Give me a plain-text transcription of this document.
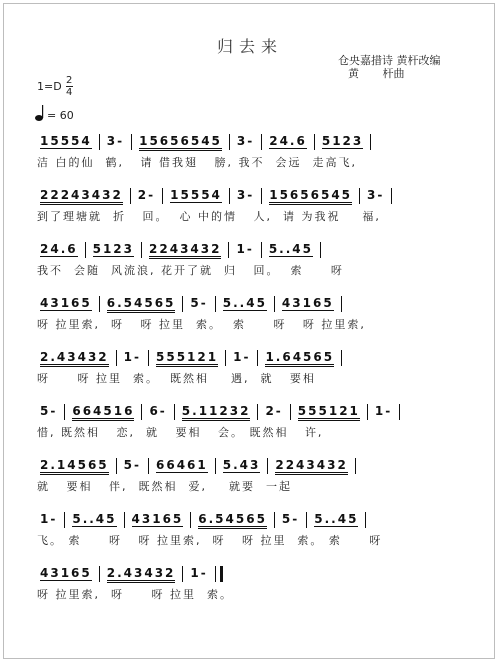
归去来
仓央嘉措诗 黄杆改编
黄 杆曲
1=D 2
4
= 60
15554 3- 15656545 3- 24.6 5123
洁 白的仙  鹤,   请 借我翅   膀, 我不  会远  走高飞,
22243432 2- 15554 3- 15656545 3-
到了理塘就  折   回。  心 中的情   人,  请 为我祝    福,
24.6 5123 2243432 1- 5..45
我不  会随  风流浪, 花开了就  归   回。  索     呀
43165 6.54565 5- 5..45 43165
呀 拉里索,  呀   呀 拉里  索。  索     呀   呀 拉里索,
2.43432 1- 555121 1- 1.64565
呀     呀 拉里  索。  既然相    遇,  就   要相
5- 664516 6- 5.11232 2- 555121 1-
惜, 既然相   恋,  就   要相   会。 既然相   许,
2.14565 5- 66461 5.43 2243432
就   要相   伴,  既然相  爱,    就要  一起
1- 5..45 43165 6.54565 5- 5..45
飞。 索     呀   呀 拉里索,  呀   呀 拉里  索。 索     呀
43165 2.43432 1-
呀 拉里索,  呀     呀 拉里  索。
